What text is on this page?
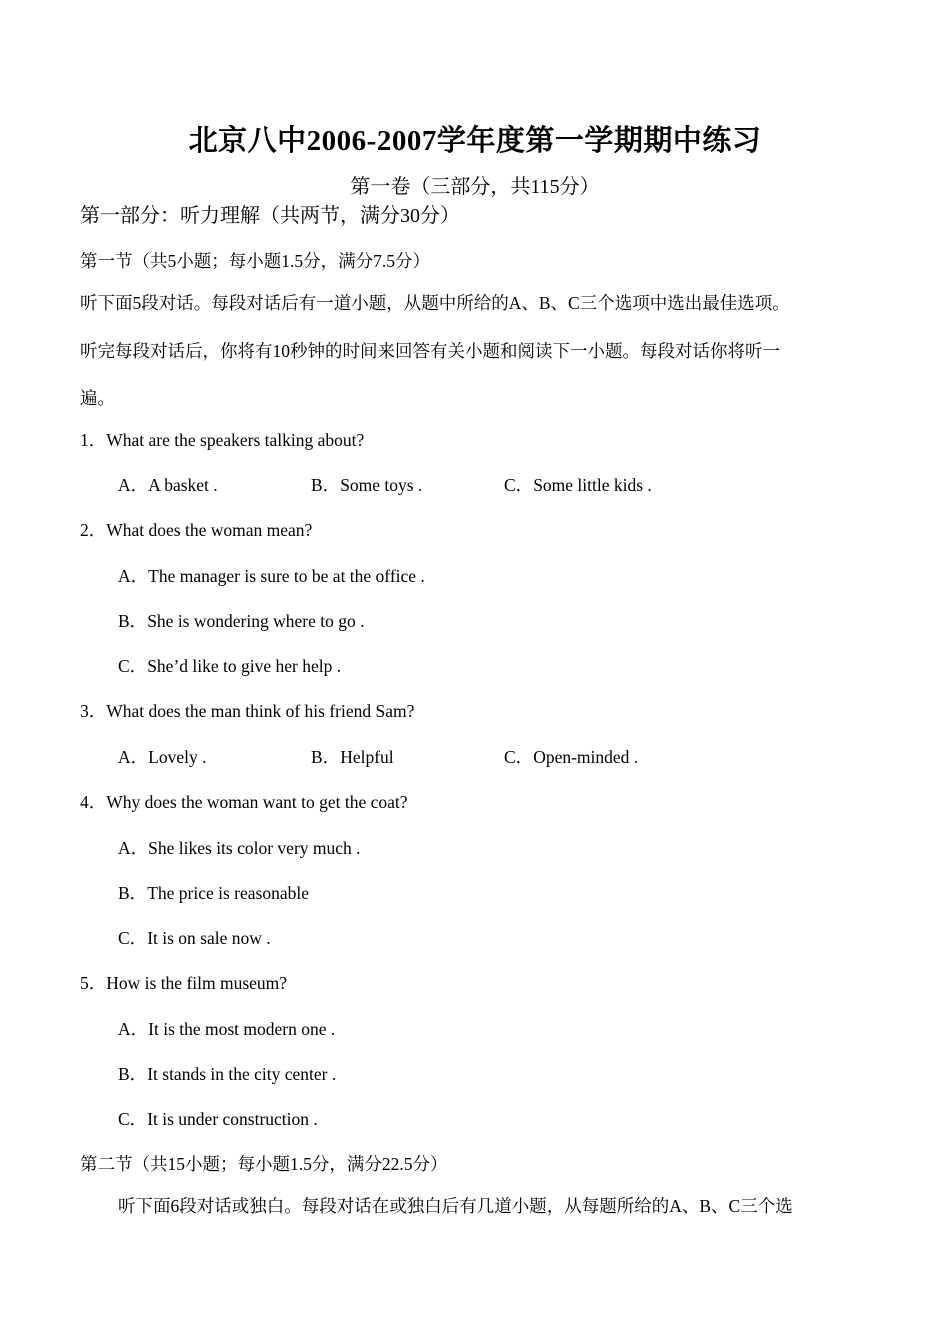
北京八中2006-2007学年度第一学期期中练习
第一卷（三部分，共115分）
第一部分：听力理解（共两节，满分30分）
第一节（共5小题；每小题1.5分，满分7.5分）
听下面5段对话。每段对话后有一道小题，从题中所给的A、B、C三个选项中选出最佳选项。
听完每段对话后，你将有10秒钟的时间来回答有关小题和阅读下一小题。每段对话你将听一
遍。
1．What are the speakers talking about?
A．A basket .	B．Some toys .	C．Some little kids .
2．What does the woman mean?
A．The manager is sure to be at the office .
B．She is wondering where to go .
C．She’d like to give her help .
3．What does the man think of his friend Sam?
A．Lovely .	B．Helpful	C．Open-minded .
4．Why does the woman want to get the coat?
A．She likes its color very much .
B．The price is reasonable
C．It is on sale now .
5．How is the film museum?
A．It is the most modern one .
B．It stands in the city center .
C．It is under construction .
第二节（共15小题；每小题1.5分，满分22.5分）
听下面6段对话或独白。每段对话在或独白后有几道小题，从每题所给的A、B、C三个选
